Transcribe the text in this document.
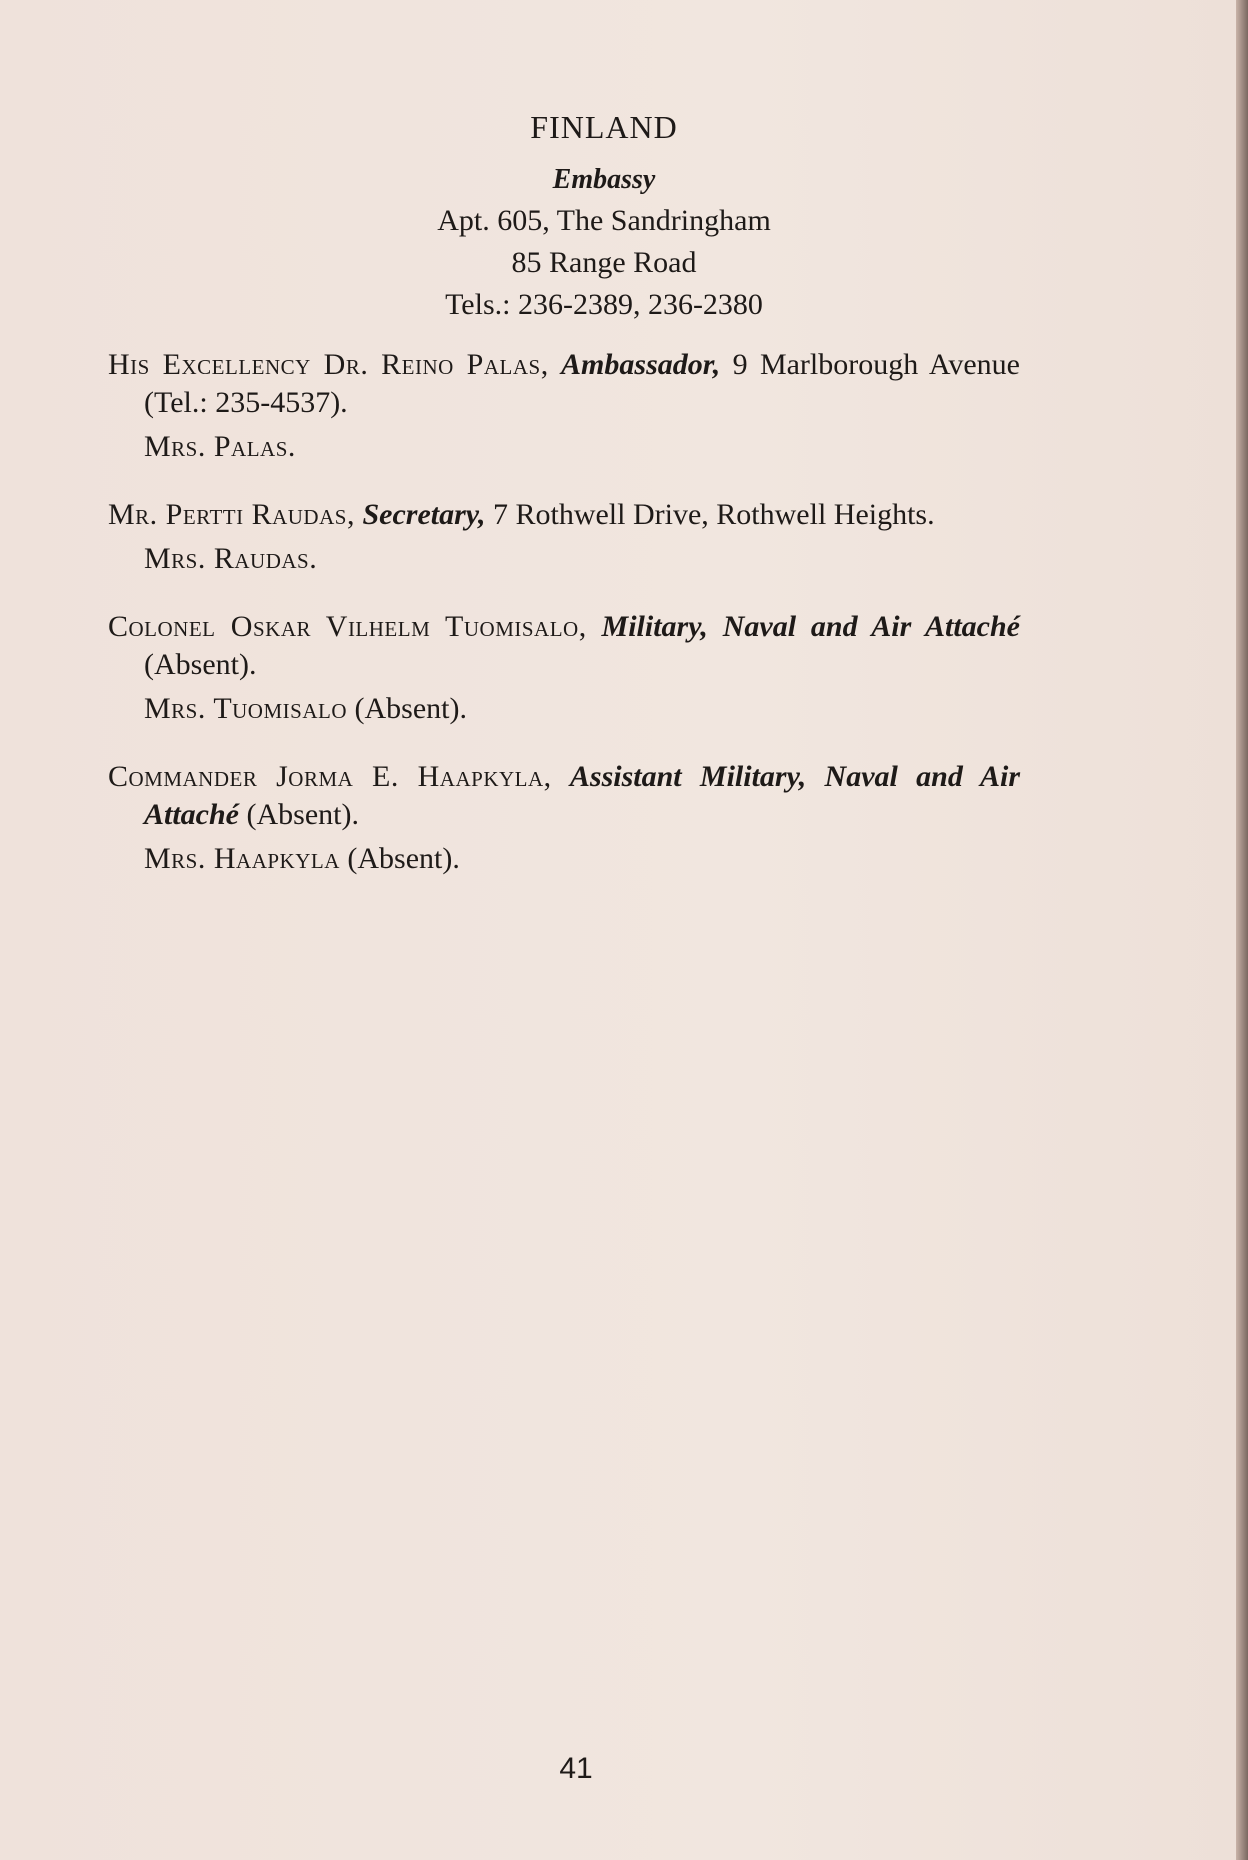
FINLAND
Embassy
Apt. 605, The Sandringham
85 Range Road
Tels.: 236-2389, 236-2380
His Excellency Dr. Reino Palas, Ambassador, 9 Marlborough Avenue (Tel.: 235-4537).
Mrs. Palas.
Mr. Pertti Raudas, Secretary, 7 Rothwell Drive, Rothwell Heights.
Mrs. Raudas.
Colonel Oskar Vilhelm Tuomisalo, Military, Naval and Air Attaché (Absent).
Mrs. Tuomisalo (Absent).
Commander Jorma E. Haapkyla, Assistant Military, Naval and Air Attaché (Absent).
Mrs. Haapkyla (Absent).
41
